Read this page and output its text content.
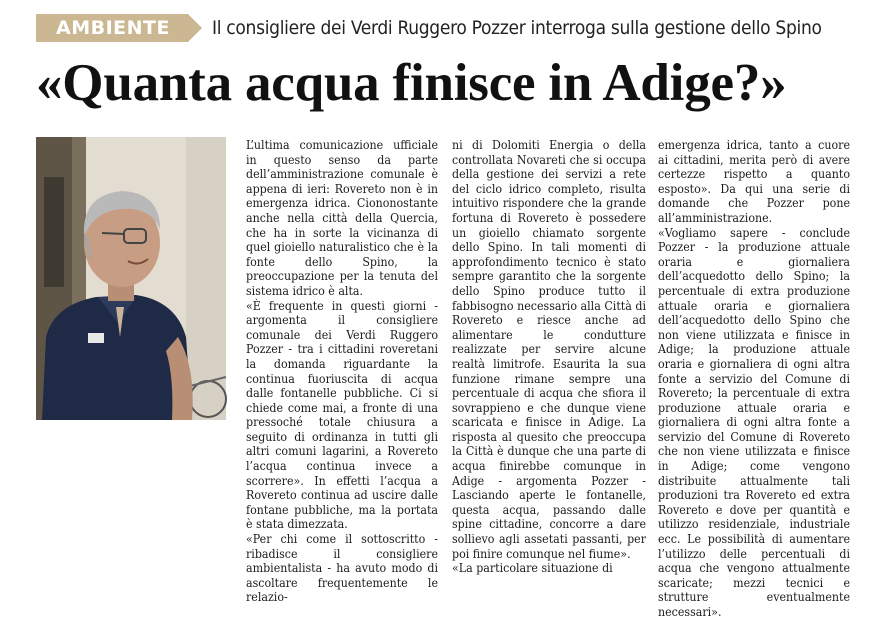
AMBIENTE	Il consigliere dei Verdi Ruggero Pozzer interroga sulla gestione dello Spino
«Quanta acqua finisce in Adige?»

L’ultima comunicazione ufficiale in questo senso da parte dell’amministrazione comunale è appena di ieri: Rovereto non è in emergenza idrica. Ciononostante anche nella città della Quercia, che ha in sorte la vicinanza di quel gioiello naturalistico che è la fonte dello Spino, la preoccupazione per la tenuta del sistema idrico è alta.

«È frequente in questi giorni - argomenta il consigliere comunale dei Verdi Ruggero Pozzer - tra i cittadini roveretani la domanda riguardante la continua fuoriuscita di acqua dalle fontanelle pubbliche. Ci si chiede come mai, a fronte di una pressoché totale chiusura a seguito di ordinanza in tutti gli altri comuni lagarini, a Rovereto l’acqua continua invece a scorrere». In effetti l’acqua a Rovereto continua ad uscire dalle fontane pubbliche, ma la portata è stata dimezzata.

«Per chi come il sottoscritto - ribadisce il consigliere ambientalista - ha avuto modo di ascoltare frequentemente le relazio-

ni di Dolomiti Energia o della controllata Novareti che si occupa della gestione dei servizi a rete del ciclo idrico completo, risulta intuitivo rispondere che la grande fortuna di Rovereto è possedere un gioiello chiamato sorgente dello Spino. In tali momenti di approfondimento tecnico è stato sempre garantito che la sorgente dello Spino produce tutto il fabbisogno necessario alla Città di Rovereto e riesce anche ad alimentare le condutture realizzate per servire alcune realtà limitrofe. Esaurita la sua funzione rimane sempre una percentuale di acqua che sfiora il sovrappieno e che dunque viene scaricata e finisce in Adige. La risposta al quesito che preoccupa la Città è dunque che una parte di acqua finirebbe comunque in Adige - argomenta Pozzer - Lasciando aperte le fontanelle, questa acqua, passando dalle spine cittadine, concorre a dare sollievo agli assetati passanti, per poi finire comunque nel fiume».

«La particolare situazione di

emergenza idrica, tanto a cuore ai cittadini, merita però di avere certezze rispetto a quanto esposto». Da qui una serie di domande che Pozzer pone all’amministrazione.

«Vogliamo sapere - conclude Pozzer - la produzione attuale oraria e giornaliera dell’acquedotto dello Spino; la percentuale di extra produzione attuale oraria e giornaliera dell’acquedotto dello Spino che non viene utilizzata e finisce in Adige; la produzione attuale oraria e giornaliera di ogni altra fonte a servizio del Comune di Rovereto; la percentuale di extra produzione attuale oraria e giornaliera di ogni altra fonte a servizio del Comune di Rovereto che non viene utilizzata e finisce in Adige; come vengono distribuite attualmente tali produzioni tra Rovereto ed extra Rovereto e dove per quantità e utilizzo residenziale, industriale ecc. Le possibilità di aumentare l’utilizzo delle percentuali di acqua che vengono attualmente scaricate; mezzi tecnici e strutture eventualmente necessari».
